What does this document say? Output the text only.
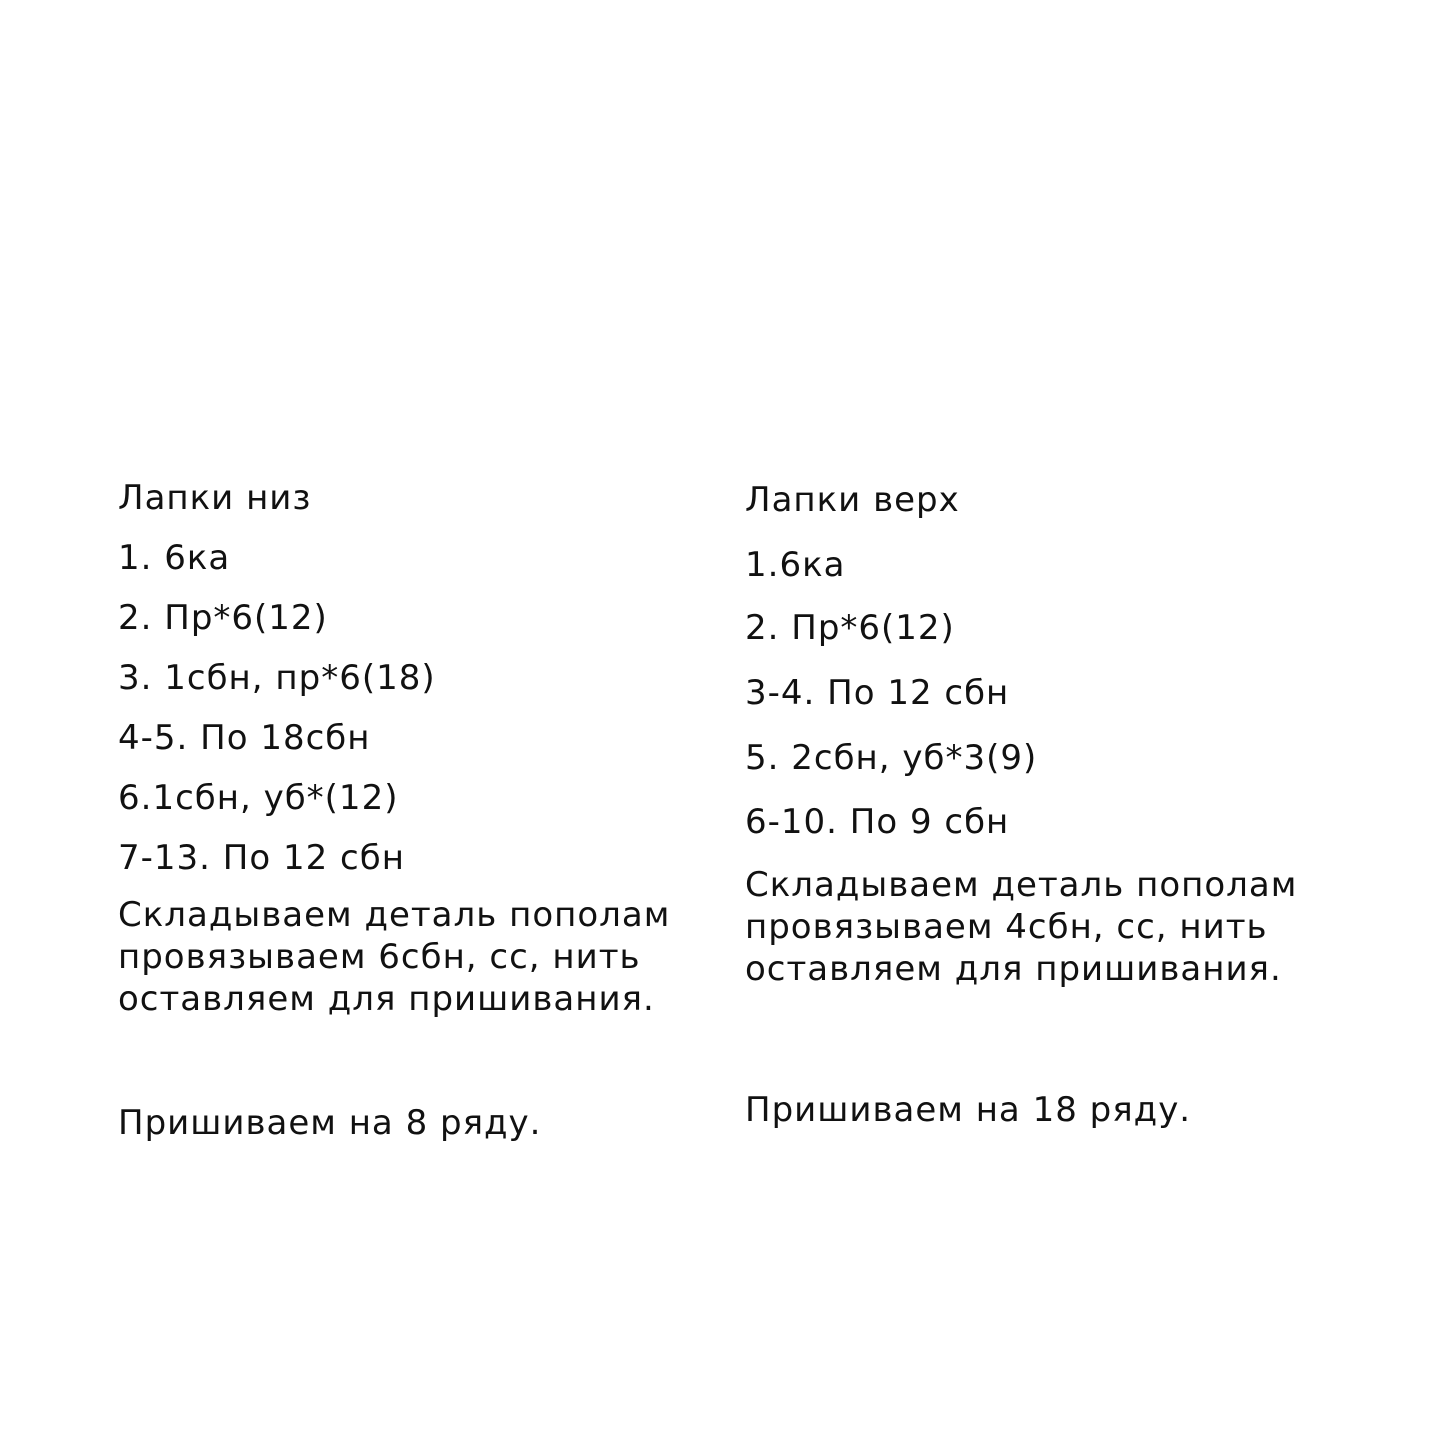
Лапки низ
1. 6ка
2. Пр*6(12)
3. 1сбн, пр*6(18)
4-5. По 18сбн
6.1сбн, уб*(12)
7-13. По 12 сбн
Складываем деталь пополам
провязываем 6сбн, сс, нить
оставляем для пришивания.
Пришиваем на 8 ряду.
Лапки верх
1.6ка
2. Пр*6(12)
3-4. По 12 сбн
5. 2сбн, уб*3(9)
6-10. По 9 сбн
Складываем деталь пополам
провязываем 4сбн, сс, нить
оставляем для пришивания.
Пришиваем на 18 ряду.
